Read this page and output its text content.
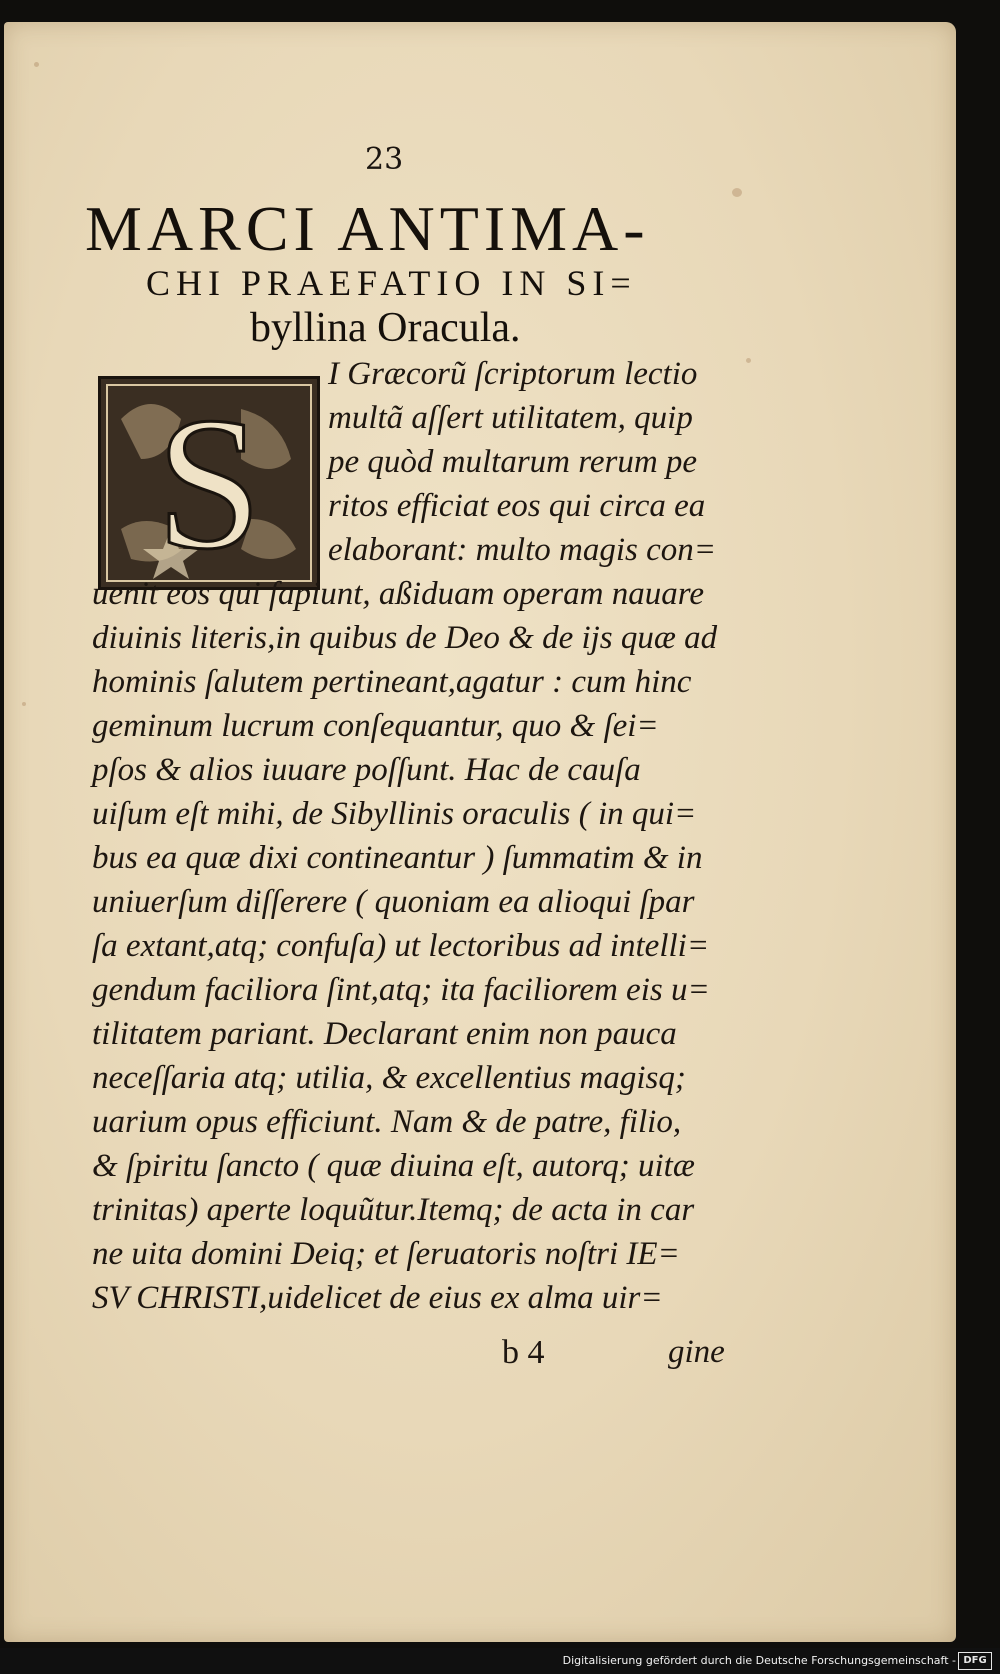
23
MARCI ANTIMA-
CHI PRAEFATIO IN SI=
byllina Oracula.
S
I Græcorũ ſcriptorum lectio
multã aſſert utilitatem, quip
pe quòd multarum rerum pe
ritos efficiat eos qui circa ea
elaborant: multo magis con=
uenit eos qui ſapiunt, aßiduam operam nauare
diuinis literis,in quibus de Deo & de ijs quæ ad
hominis ſalutem pertineant,agatur : cum hinc
geminum lucrum conſequantur, quo & ſei=
pſos & alios iuuare poſſunt. Hac de cauſa
uiſum eſt mihi, de Sibyllinis oraculis ( in qui=
bus ea quæ dixi contineantur ) ſummatim & in
uniuerſum diſſerere ( quoniam ea alioqui ſpar
ſa extant,atq; confuſa) ut lectoribus ad intelli=
gendum faciliora ſint,atq; ita faciliorem eis u=
tilitatem pariant. Declarant enim non pauca
neceſſaria atq; utilia, & excellentius magisq;
uarium opus efficiunt. Nam & de patre, filio,
& ſpiritu ſancto ( quæ diuina eſt, autorq; uitæ
trinitas) aperte loquũtur.Itemq; de acta in car
ne uita domini Deiq; et ſeruatoris noſtri IE=
SV CHRISTI,uidelicet de eius ex alma uir=
b 4	gine
Digitalisierung gefördert durch die Deutsche Forschungsgemeinschaft - DFG
